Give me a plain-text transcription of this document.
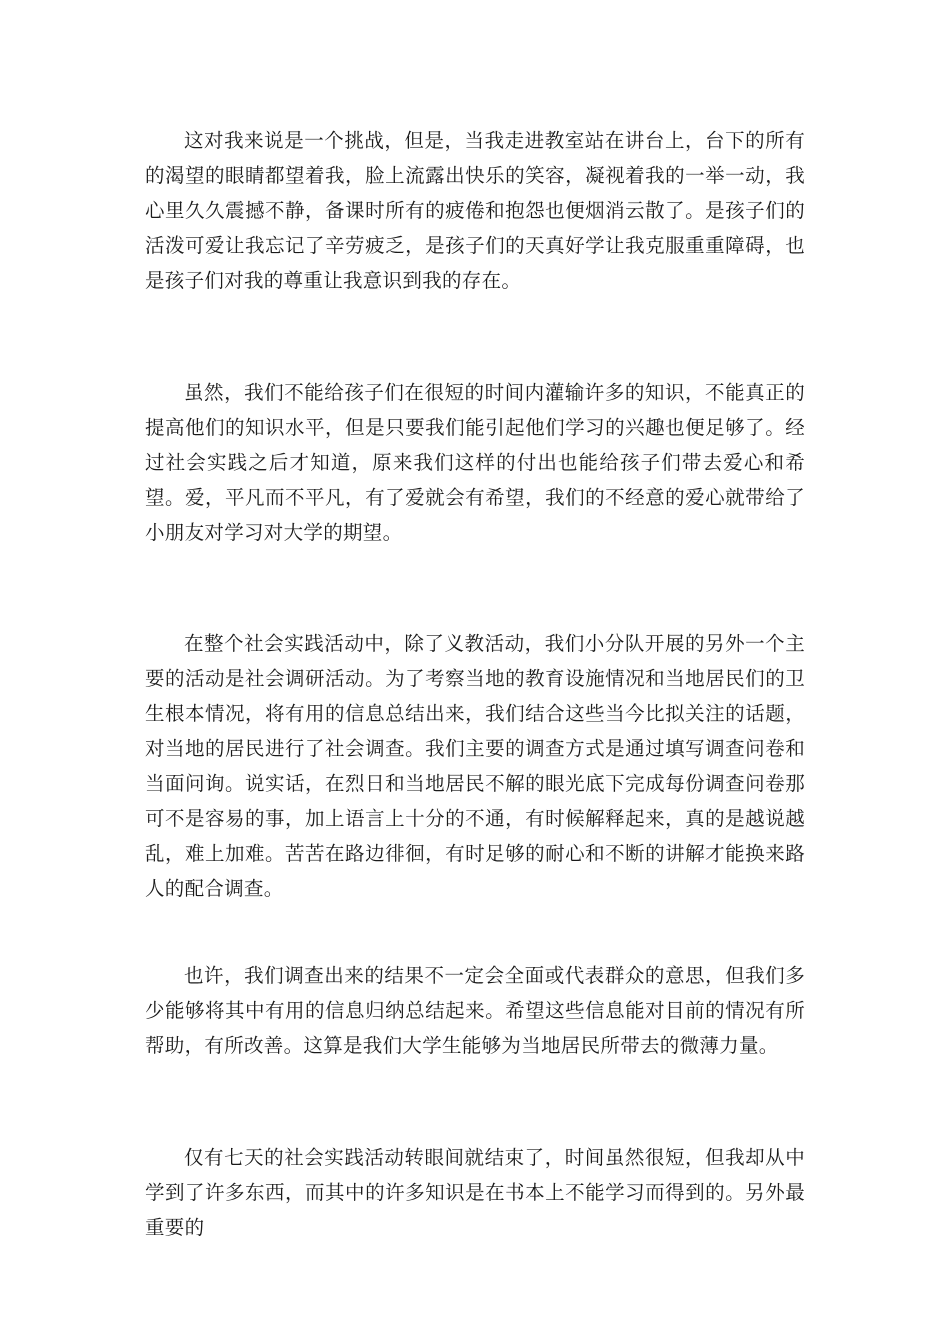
这对我来说是一个挑战，但是，当我走进教室站在讲台上，台下的所有的渴望的眼睛都望着我，脸上流露出快乐的笑容，凝视着我的一举一动，我心里久久震撼不静，备课时所有的疲倦和抱怨也便烟消云散了。是孩子们的活泼可爱让我忘记了辛劳疲乏，是孩子们的天真好学让我克服重重障碍，也是孩子们对我的尊重让我意识到我的存在。

虽然，我们不能给孩子们在很短的时间内灌输许多的知识，不能真正的提高他们的知识水平，但是只要我们能引起他们学习的兴趣也便足够了。经过社会实践之后才知道，原来我们这样的付出也能给孩子们带去爱心和希望。爱，平凡而不平凡，有了爱就会有希望，我们的不经意的爱心就带给了小朋友对学习对大学的期望。

在整个社会实践活动中，除了义教活动，我们小分队开展的另外一个主要的活动是社会调研活动。为了考察当地的教育设施情况和当地居民们的卫生根本情况，将有用的信息总结出来，我们结合这些当今比拟关注的话题，对当地的居民进行了社会调查。我们主要的调查方式是通过填写调查问卷和当面问询。说实话，在烈日和当地居民不解的眼光底下完成每份调查问卷那可不是容易的事，加上语言上十分的不通，有时候解释起来，真的是越说越乱，难上加难。苦苦在路边徘徊，有时足够的耐心和不断的讲解才能换来路人的配合调查。

也许，我们调查出来的结果不一定会全面或代表群众的意思，但我们多少能够将其中有用的信息归纳总结起来。希望这些信息能对目前的情况有所帮助，有所改善。这算是我们大学生能够为当地居民所带去的微薄力量。

仅有七天的社会实践活动转眼间就结束了，时间虽然很短，但我却从中学到了许多东西，而其中的许多知识是在书本上不能学习而得到的。另外最重要的
